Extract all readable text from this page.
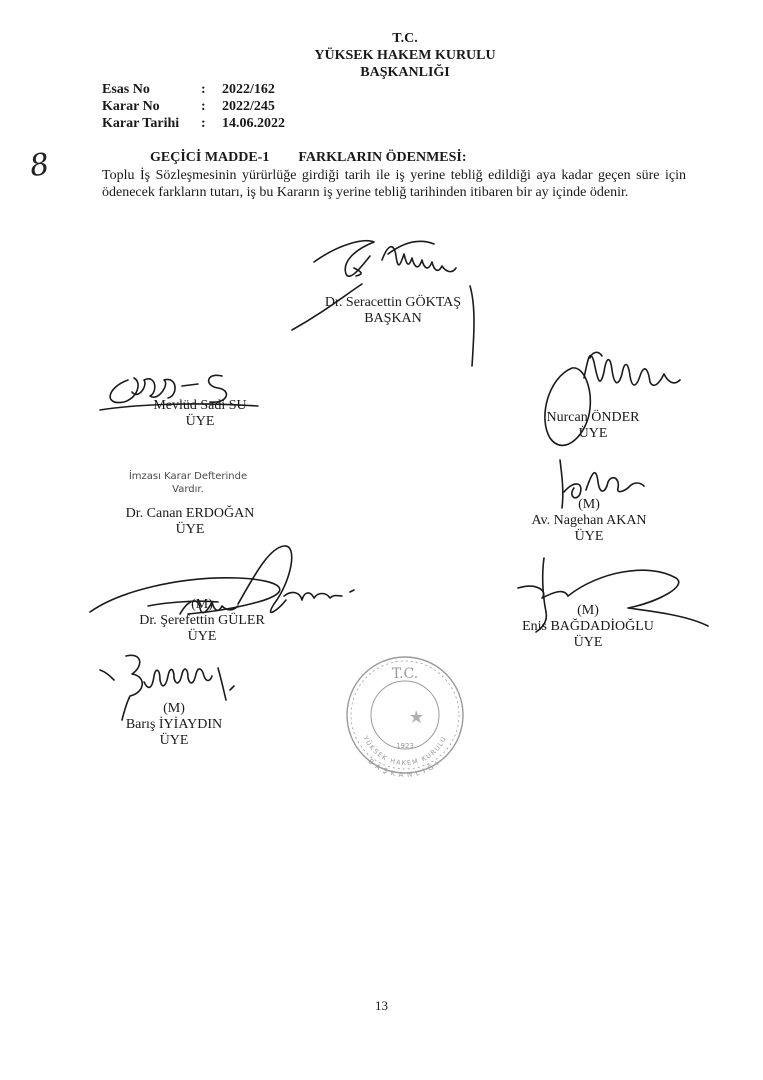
T.C.
YÜKSEK HAKEM KURULU
BAŞKANLIĞI
Esas No	: 2022/162
Karar No	: 2022/245
Karar Tarihi : 14.06.2022
8	GEÇİCİ MADDE-1 FARKLARIN ÖDENMESİ:
Toplu İş Sözleşmesinin yürürlüğe girdiği tarih ile iş yerine tebliğ edildiği aya kadar geçen süre için ödenecek farkların tutarı, iş bu Kararın iş yerine tebliğ tarihinden itibaren bir ay içinde ödenir.
Dr. Seracettin GÖKTAŞ
BAŞKAN
Mevlüd Sadi SU
ÜYE	Nurcan ÖNDER
ÜYE
İmzası Karar Defterinde
Vardır.
Dr. Canan ERDOĞAN
ÜYE
(M)
Av. Nagehan AKAN
ÜYE
(M)
Dr. Şerefettin GÜLER
ÜYE
(M)
Enis BAĞDADİOĞLU
ÜYE
(M)
Barış İYİAYDIN
ÜYE
T.C.
1923
YÜKSEK HAKEM KURULU
BAŞKANLIĞI
13
